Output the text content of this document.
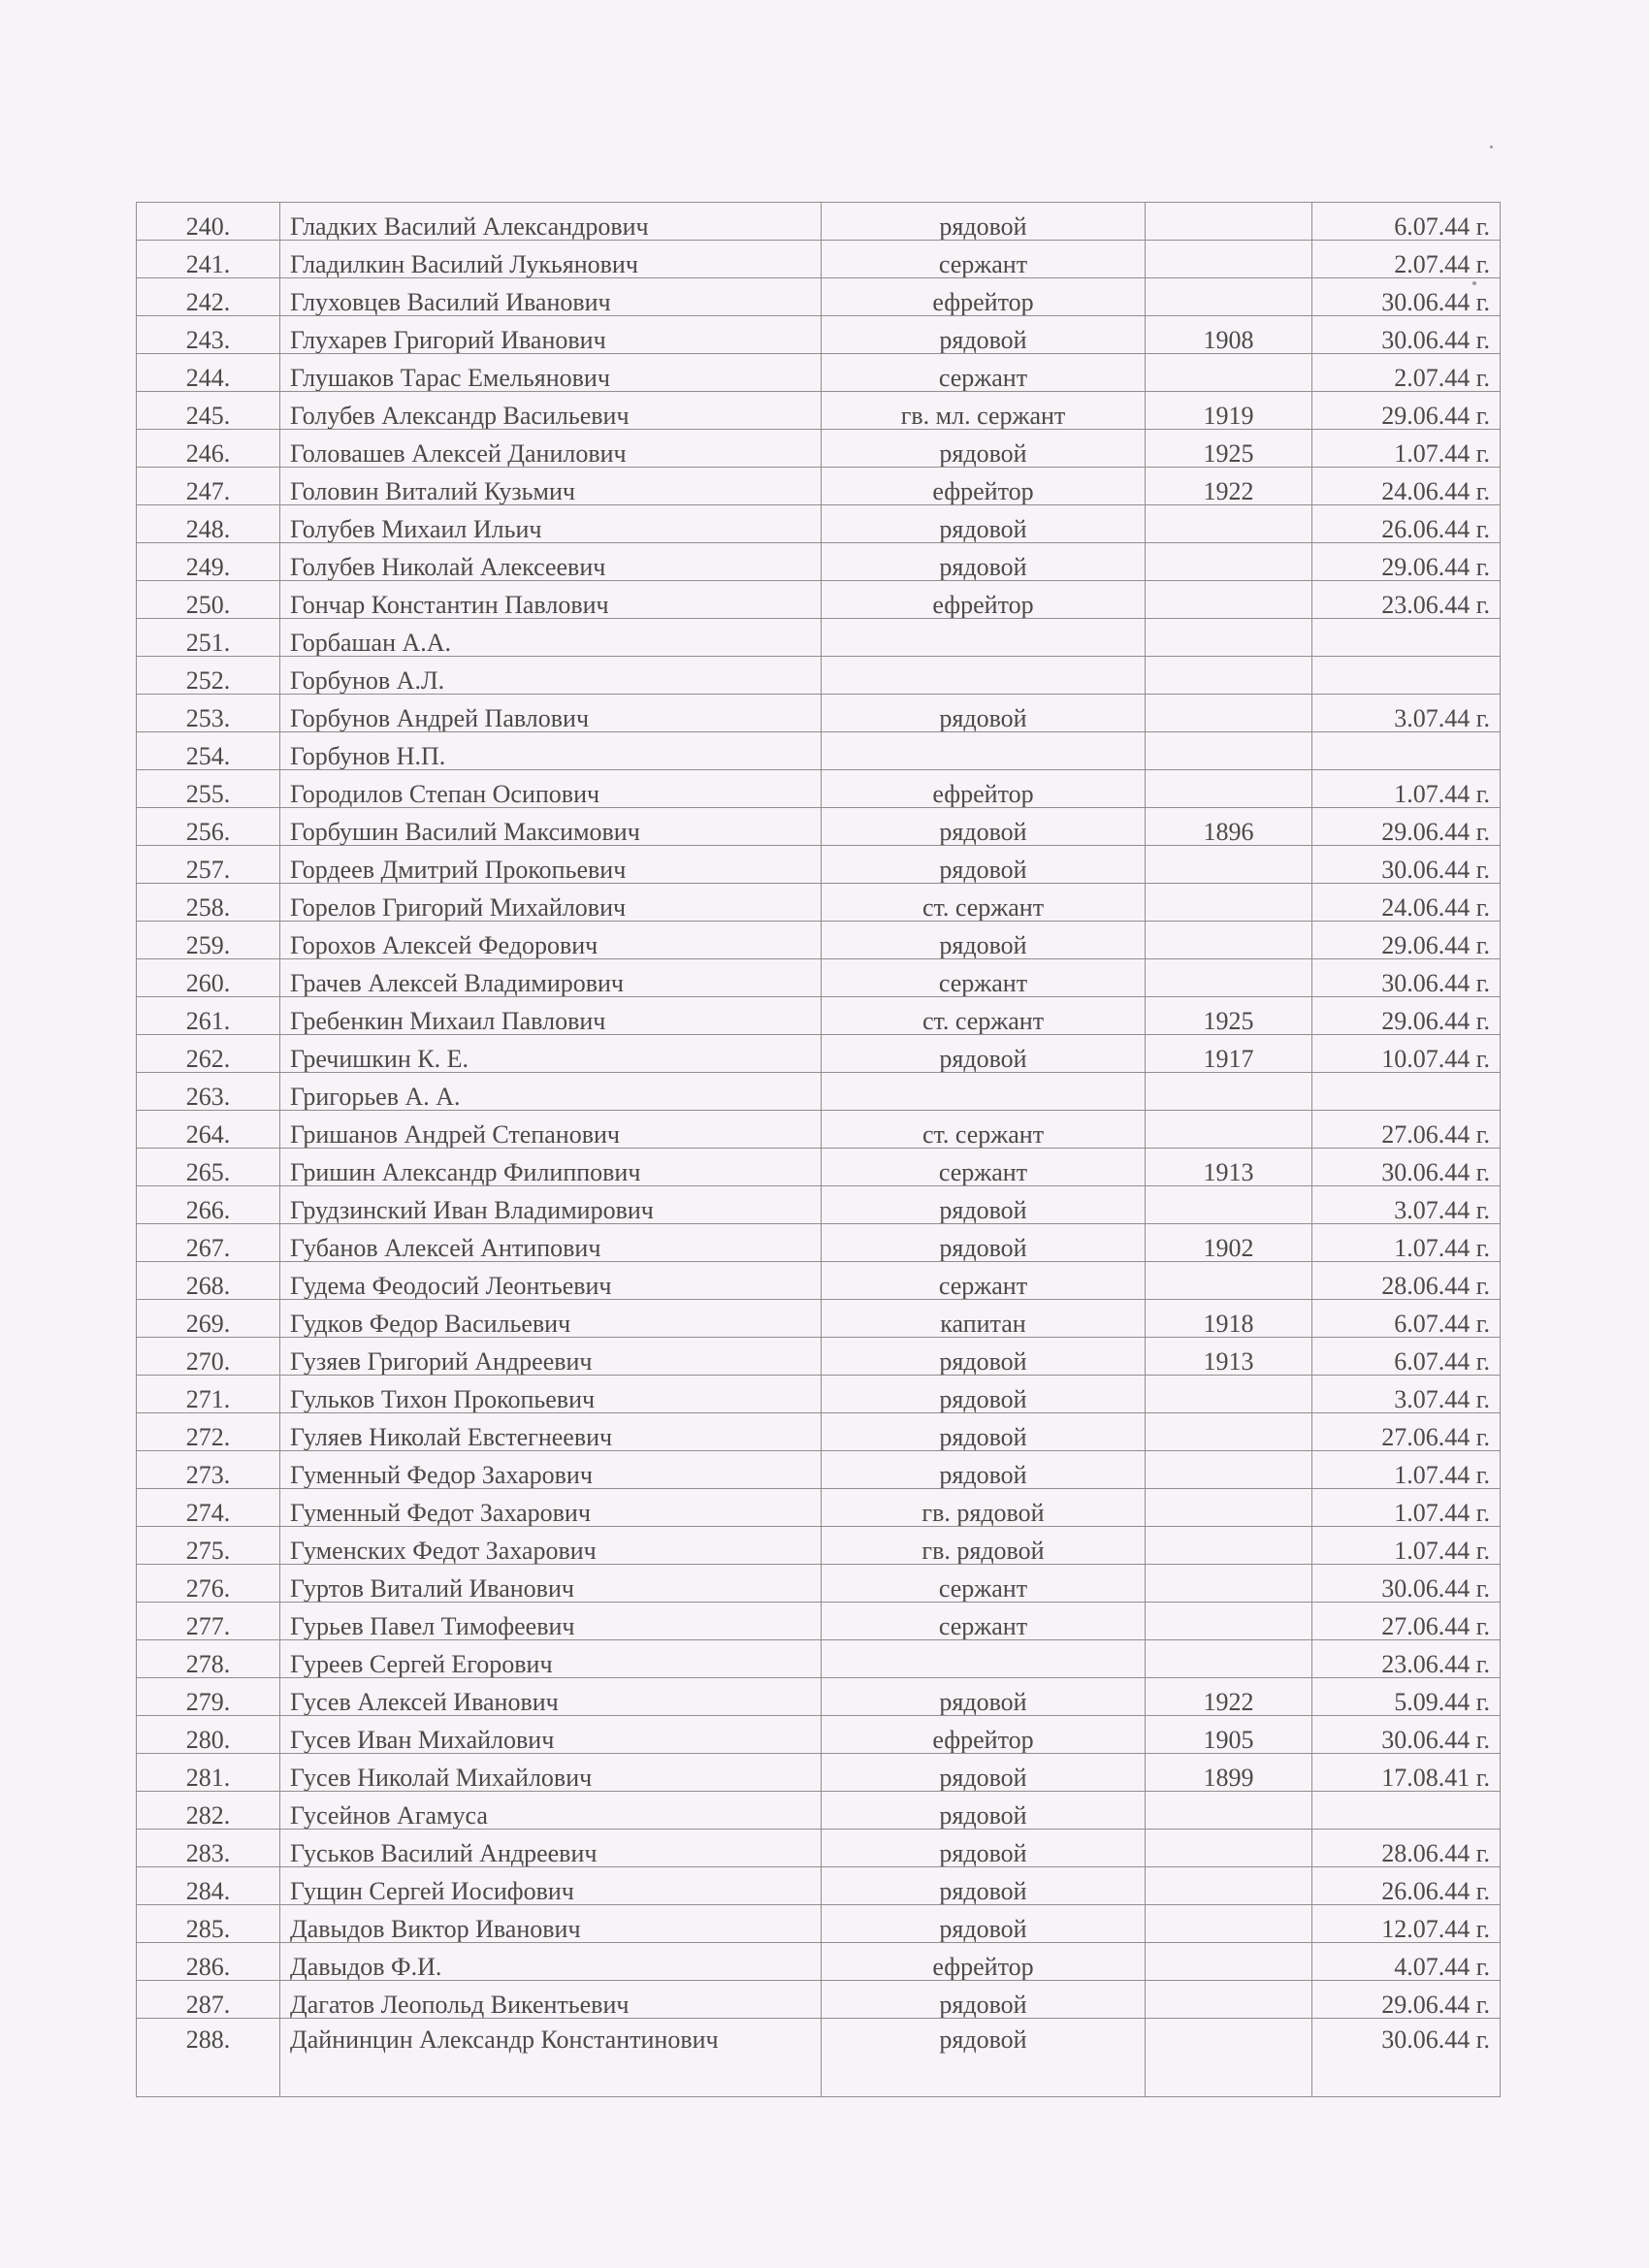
240.	Гладких Василий Александрович	рядовой		6.07.44 г.
241.	Гладилкин Василий Лукьянович	сержант		2.07.44 г.
242.	Глуховцев Василий Иванович	ефрейтор		30.06.44 г.
243.	Глухарев Григорий Иванович	рядовой	1908	30.06.44 г.
244.	Глушаков Тарас Емельянович	сержант		2.07.44 г.
245.	Голубев Александр Васильевич	гв. мл. сержант	1919	29.06.44 г.
246.	Головашев Алексей Данилович	рядовой	1925	1.07.44 г.
247.	Головин Виталий Кузьмич	ефрейтор	1922	24.06.44 г.
248.	Голубев Михаил Ильич	рядовой		26.06.44 г.
249.	Голубев Николай Алексеевич	рядовой		29.06.44 г.
250.	Гончар Константин Павлович	ефрейтор		23.06.44 г.
251.	Горбашан А.А.			
252.	Горбунов А.Л.			
253.	Горбунов Андрей Павлович	рядовой		3.07.44 г.
254.	Горбунов Н.П.			
255.	Городилов Степан Осипович	ефрейтор		1.07.44 г.
256.	Горбушин Василий Максимович	рядовой	1896	29.06.44 г.
257.	Гордеев Дмитрий Прокопьевич	рядовой		30.06.44 г.
258.	Горелов Григорий Михайлович	ст. сержант		24.06.44 г.
259.	Горохов Алексей Федорович	рядовой		29.06.44 г.
260.	Грачев Алексей Владимирович	сержант		30.06.44 г.
261.	Гребенкин Михаил Павлович	ст. сержант	1925	29.06.44 г.
262.	Гречишкин К. Е.	рядовой	1917	10.07.44 г.
263.	Григорьев А. А.			
264.	Гришанов Андрей Степанович	ст. сержант		27.06.44 г.
265.	Гришин Александр Филиппович	сержант	1913	30.06.44 г.
266.	Грудзинский Иван Владимирович	рядовой		3.07.44 г.
267.	Губанов Алексей Антипович	рядовой	1902	1.07.44 г.
268.	Гудема Феодосий Леонтьевич	сержант		28.06.44 г.
269.	Гудков Федор Васильевич	капитан	1918	6.07.44 г.
270.	Гузяев Григорий Андреевич	рядовой	1913	6.07.44 г.
271.	Гульков Тихон Прокопьевич	рядовой		3.07.44 г.
272.	Гуляев Николай Евстегнеевич	рядовой		27.06.44 г.
273.	Гуменный Федор Захарович	рядовой		1.07.44 г.
274.	Гуменный Федот Захарович	гв. рядовой		1.07.44 г.
275.	Гуменских Федот Захарович	гв. рядовой		1.07.44 г.
276.	Гуртов Виталий Иванович	сержант		30.06.44 г.
277.	Гурьев Павел Тимофеевич	сержант		27.06.44 г.
278.	Гуреев Сергей Егорович			23.06.44 г.
279.	Гусев Алексей Иванович	рядовой	1922	5.09.44 г.
280.	Гусев Иван Михайлович	ефрейтор	1905	30.06.44 г.
281.	Гусев Николай Михайлович	рядовой	1899	17.08.41 г.
282.	Гусейнов Агамуса	рядовой		
283.	Гуськов Василий Андреевич	рядовой		28.06.44 г.
284.	Гущин Сергей Иосифович	рядовой		26.06.44 г.
285.	Давыдов Виктор Иванович	рядовой		12.07.44 г.
286.	Давыдов Ф.И.	ефрейтор		4.07.44 г.
287.	Дагатов Леопольд Викентьевич	рядовой		29.06.44 г.
288.	Дайнинцин Александр Константинович	рядовой		30.06.44 г.
